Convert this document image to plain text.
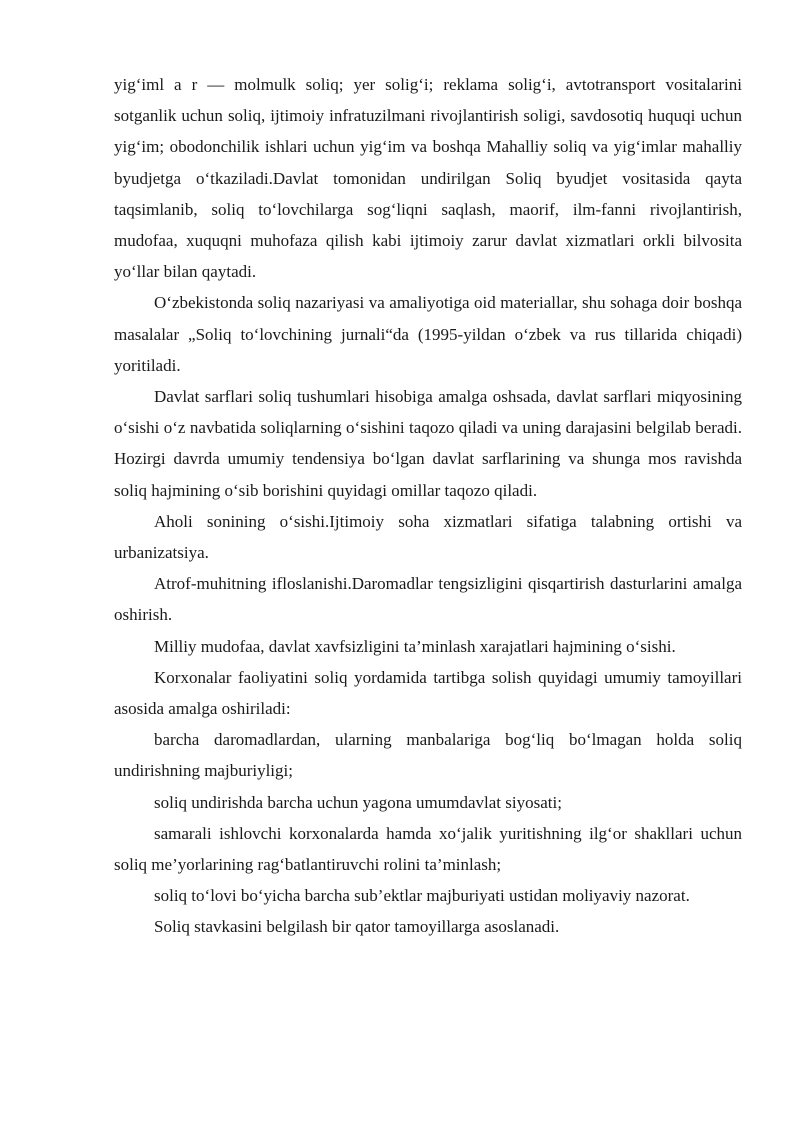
yig‘iml a r — molmulk soliq; yer solig‘i; reklama solig‘i, avtotransport vositalarini sotganlik uchun soliq, ijtimoiy infratuzilmani rivojlantirish soligi, savdosotiq huquqi uchun yig‘im; obodonchilik ishlari uchun yig‘im va boshqa Mahalliy soliq va yig‘imlar mahalliy byudjetga o‘tkaziladi.Davlat tomonidan undirilgan Soliq byudjet vositasida qayta taqsimlanib, soliq to‘lovchilarga sog‘liqni saqlash, maorif, ilm-fanni rivojlantirish, mudofaa, xuquqni muhofaza qilish kabi ijtimoiy zarur davlat xizmatlari orkli bilvosita yo‘llar bilan qaytadi.

O‘zbekistonda soliq nazariyasi va amaliyotiga oid materiallar, shu sohaga doir boshqa masalalar „Soliq to‘lovchining jurnali“da (1995-yildan o‘zbek va rus tillarida chiqadi) yoritiladi.

Davlat sarflari soliq tushumlari hisobiga amalga oshsada, davlat sarflari miqyosining o‘sishi o‘z navbatida soliqlarning o‘sishini taqozo qiladi va uning darajasini belgilab beradi. Hozirgi davrda umumiy tendensiya bo‘lgan davlat sarflarining va shunga mos ravishda soliq hajmining o‘sib borishini quyidagi omillar taqozo qiladi.

Aholi sonining o‘sishi.Ijtimoiy soha xizmatlari sifatiga talabning ortishi va urbanizatsiya.

Atrof-muhitning ifloslanishi.Daromadlar tengsizligini qisqartirish dasturlarini amalga oshirish.

Milliy mudofaa, davlat xavfsizligini ta’minlash xarajatlari hajmining o‘sishi.

Korxonalar faoliyatini soliq yordamida tartibga solish quyidagi umumiy tamoyillari asosida amalga oshiriladi:

barcha daromadlardan, ularning manbalariga bog‘liq bo‘lmagan holda soliq undirishning majburiyligi;

soliq undirishda barcha uchun yagona umumdavlat siyosati;

samarali ishlovchi korxonalarda hamda xo‘jalik yuritishning ilg‘or shakllari uchun soliq me’yorlarining rag‘batlantiruvchi rolini ta’minlash;

soliq to‘lovi bo‘yicha barcha sub’ektlar majburiyati ustidan moliyaviy nazorat.

Soliq stavkasini belgilash bir qator tamoyillarga asoslanadi.
